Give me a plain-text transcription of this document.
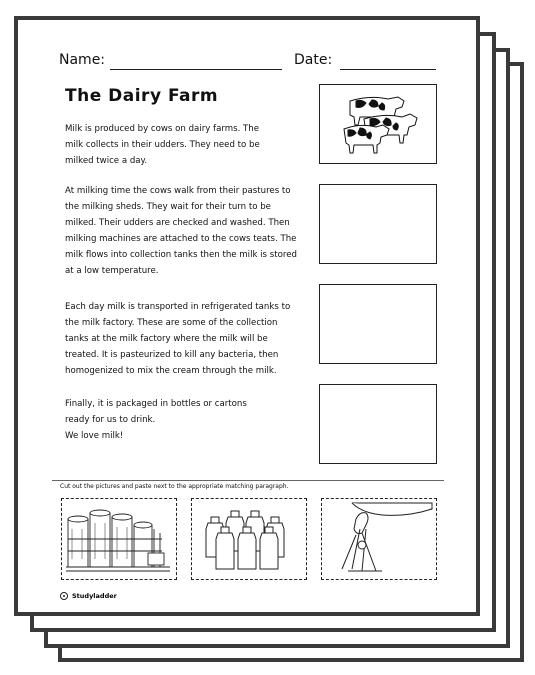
Name:	Date:
The Dairy Farm
Milk is produced by cows on dairy farms. The
milk collects in their udders. They need to be
milked twice a day.
At milking time the cows walk from their pastures to
the milking sheds. They wait for their turn to be
milked. Their udders are checked and washed. Then
milking machines are attached to the cows teats. The
milk flows into collection tanks then the milk is stored
at a low temperature.
Each day milk is transported in refrigerated tanks to
the milk factory. These are some of the collection
tanks at the milk factory where the milk will be
treated. It is pasteurized to kill any bacteria, then
homogenized to mix the cream through the milk.
Finally, it is packaged in bottles or cartons
ready for us to drink.
We love milk!
Cut out the pictures and paste next to the appropriate matching paragraph.
Studyladder
